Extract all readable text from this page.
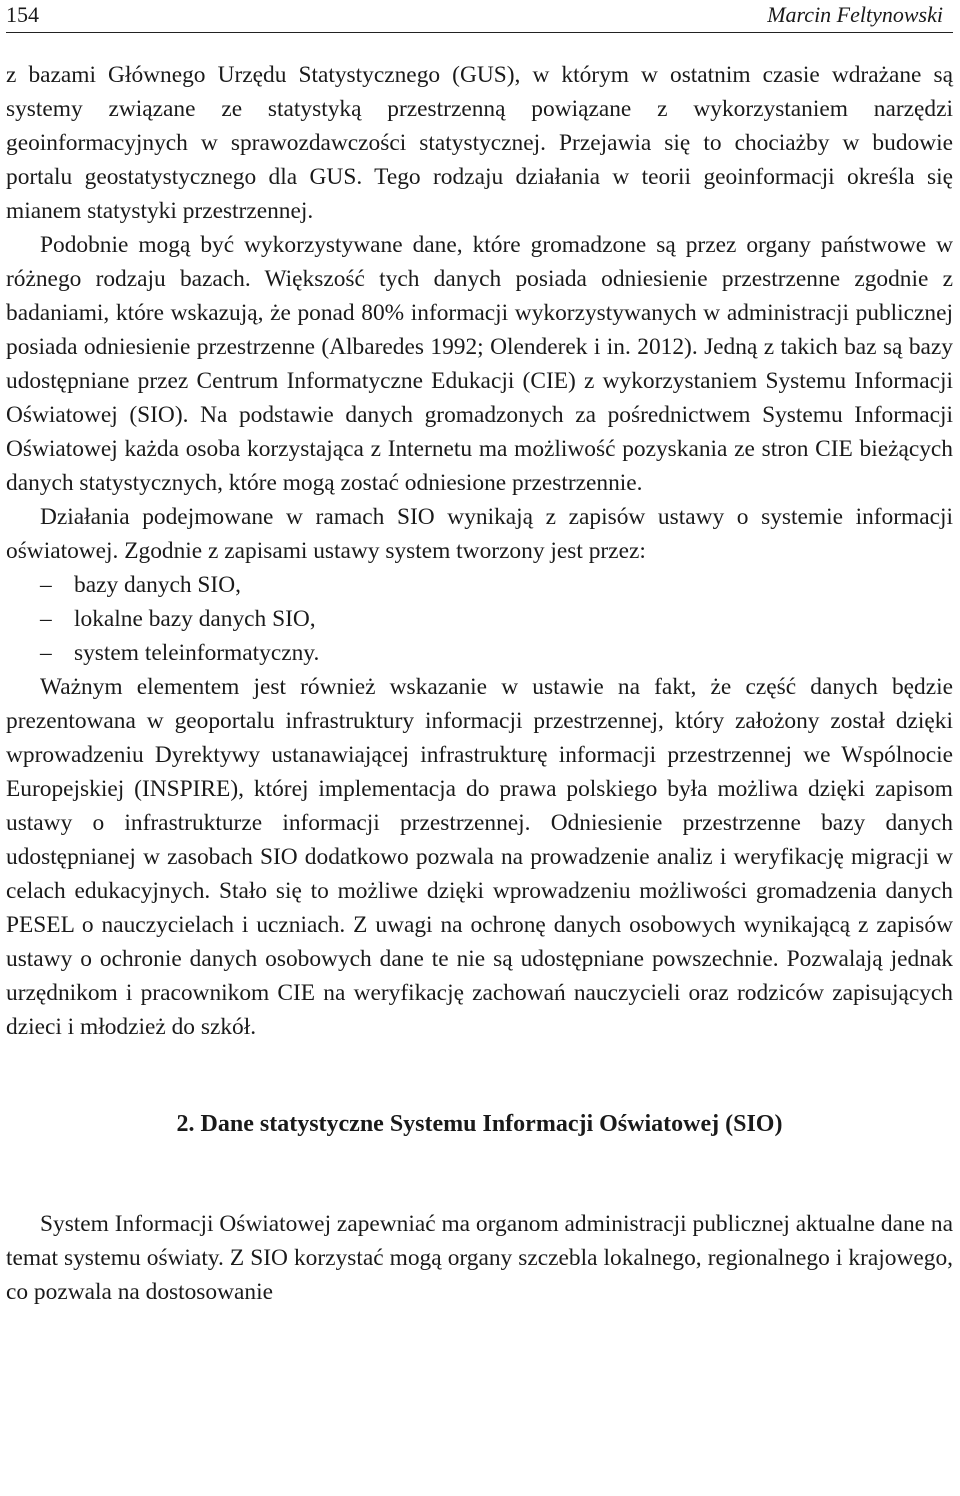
154	Marcin Feltynowski

z bazami Głównego Urzędu Statystycznego (GUS), w którym w ostatnim czasie wdrażane są systemy związane ze statystyką przestrzenną powiązane z wykorzystaniem narzędzi geoinformacyjnych w sprawozdawczości statystycznej. Przejawia się to chociażby w budowie portalu geostatystycznego dla GUS. Tego rodzaju działania w teorii geoinformacji określa się mianem statystyki przestrzennej.

Podobnie mogą być wykorzystywane dane, które gromadzone są przez organy państwowe w różnego rodzaju bazach. Większość tych danych posiada odniesienie przestrzenne zgodnie z badaniami, które wskazują, że ponad 80% informacji wykorzystywanych w administracji publicznej posiada odniesienie przestrzenne (Albaredes 1992; Olenderek i in. 2012). Jedną z takich baz są bazy udostępniane przez Centrum Informatyczne Edukacji (CIE) z wykorzystaniem Systemu Informacji Oświatowej (SIO). Na podstawie danych gromadzonych za pośrednictwem Systemu Informacji Oświatowej każda osoba korzystająca z Internetu ma możliwość pozyskania ze stron CIE bieżących danych statystycznych, które mogą zostać odniesione przestrzennie.

Działania podejmowane w ramach SIO wynikają z zapisów ustawy o systemie informacji oświatowej. Zgodnie z zapisami ustawy system tworzony jest przez:

– bazy danych SIO,
– lokalne bazy danych SIO,
– system teleinformatyczny.

Ważnym elementem jest również wskazanie w ustawie na fakt, że część danych będzie prezentowana w geoportalu infrastruktury informacji przestrzennej, który założony został dzięki wprowadzeniu Dyrektywy ustanawiającej infrastrukturę informacji przestrzennej we Wspólnocie Europejskiej (INSPIRE), której implementacja do prawa polskiego była możliwa dzięki zapisom ustawy o infrastrukturze informacji przestrzennej. Odniesienie przestrzenne bazy danych udostępnianej w zasobach SIO dodatkowo pozwala na prowadzenie analiz i weryfikację migracji w celach edukacyjnych. Stało się to możliwe dzięki wprowadzeniu możliwości gromadzenia danych PESEL o nauczycielach i uczniach. Z uwagi na ochronę danych osobowych wynikającą z zapisów ustawy o ochronie danych osobowych dane te nie są udostępniane powszechnie. Pozwalają jednak urzędnikom i pracownikom CIE na weryfikację zachowań nauczycieli oraz rodziców zapisujących dzieci i młodzież do szkół.

2. Dane statystyczne Systemu Informacji Oświatowej (SIO)

System Informacji Oświatowej zapewniać ma organom administracji publicznej aktualne dane na temat systemu oświaty. Z SIO korzystać mogą organy szczebla lokalnego, regionalnego i krajowego, co pozwala na dostosowanie
